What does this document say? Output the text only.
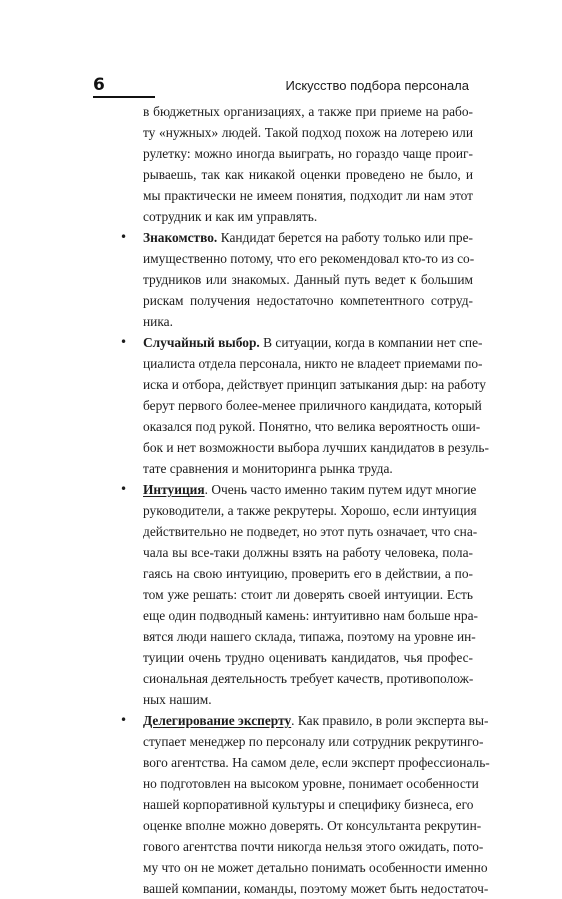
6	Искусство подбора персонала
в бюджетных организациях, а также при приеме на рабо-
ту «нужных» людей. Такой подход похож на лотерею или
рулетку: можно иногда выиграть, но гораздо чаще проиг-
рываешь, так как никакой оценки проведено не было, и
мы практически не имеем понятия, подходит ли нам этот
сотрудник и как им управлять.
• Знакомство. Кандидат берется на работу только или пре-
имущественно потому, что его рекомендовал кто-то из со-
трудников или знакомых. Данный путь ведет к большим
рискам получения недостаточно компетентного сотруд-
ника.
• Случайный выбор. В ситуации, когда в компании нет спе-
циалиста отдела персонала, никто не владеет приемами по-
иска и отбора, действует принцип затыкания дыр: на работу
берут первого более-менее приличного кандидата, который
оказался под рукой. Понятно, что велика вероятность оши-
бок и нет возможности выбора лучших кандидатов в резуль-
тате сравнения и мониторинга рынка труда.
• Интуиция. Очень часто именно таким путем идут многие
руководители, а также рекрутеры. Хорошо, если интуиция
действительно не подведет, но этот путь означает, что сна-
чала вы все-таки должны взять на работу человека, пола-
гаясь на свою интуицию, проверить его в действии, а по-
том уже решать: стоит ли доверять своей интуиции. Есть
еще один подводный камень: интуитивно нам больше нра-
вятся люди нашего склада, типажа, поэтому на уровне ин-
туиции очень трудно оценивать кандидатов, чья профес-
сиональная деятельность требует качеств, противополож-
ных нашим.
• Делегирование эксперту. Как правило, в роли эксперта вы-
ступает менеджер по персоналу или сотрудник рекрутинго-
вого агентства. На самом деле, если эксперт профессиональ-
но подготовлен на высоком уровне, понимает особенности
нашей корпоративной культуры и специфику бизнеса, его
оценке вполне можно доверять. От консультанта рекрутин-
гового агентства почти никогда нельзя этого ожидать, пото-
му что он не может детально понимать особенности именно
вашей компании, команды, поэтому может быть недостаточ-
